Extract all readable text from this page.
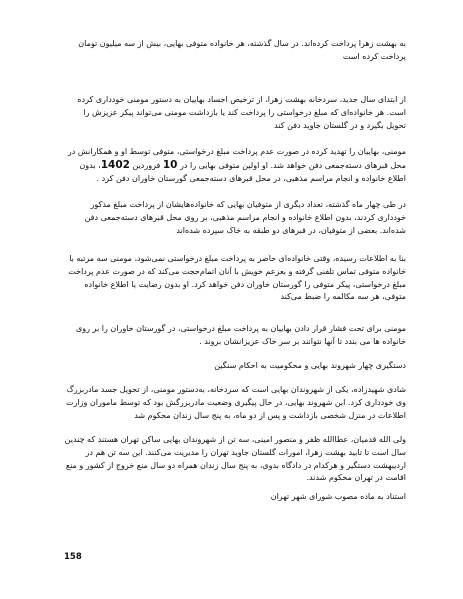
به بهشت زهرا پرداخت کرده‌اند. در سال گذشته، هر خانواده متوفی بهایی، بیش از سه میلیون تومان پرداخت کرده است

از ابتدای سال جدید، سردخانه بهشت زهرا، از ترخیص اجساد بهاییان به دستور مومنی خودداری کرده است. هر خانواده‌ای که مبلغ درخواستی را پرداخت کند یا بازداشت مومنی می‌تواند پیکر عزیزش را تحویل بگیرد و در گلستان جاوید دفن کند

مومنی، بهاییان را تهدید کرده در صورت عدم پرداخت مبلغ درخواستی، متوفی توسط او و همکارانش در محل قبرهای دسته‌جمعی دفن خواهد شد. او اولین متوفی بهایی را در 10 فروردین 1402، بدون اطلاع خانواده و انجام مراسم مذهبی، در محل قبرهای دسته‌جمعی گورستان خاوران دفن کرد .

در طی چهار ماه گذشته، تعداد دیگری از متوفیان بهایی که خانواده‌هایشان از پرداخت مبلغ مذکور خودداری کردند، بدون اطلاع خانواده و انجام مراسم مذهبی، بر روی محل قبرهای دسته‌جمعی دفن شده‌اند. بعضی از متوفیان، در قبرهای دو طبقه به خاک سپرده شده‌اند

بنا به اطلاعات رسیده، وقتی خانواده‌ای حاضر به پرداخت مبلغ درخواستی نمی‌شود، مومنی سه مرتبه با خانواده متوفی تماس تلفنی گرفته و بعز‌عم خویش با آنان اتمام‌حجت می‌کند که در صورت عدم پرداخت مبلغ درخواستی، پیکر متوفی را گورستان خاوران دفن خواهد کرد. او بدون رضایت یا اطلاع خانواده متوفی، هر سه مکالمه را ضبط می‌کند

مومنی برای تحت فشار قرار دادن بهاییان به پرداخت مبلغ درخواستی، در گورستان خاوران را بر روی خانواده ها می بندد تا آنها نتوانند بر سر خاک عزیزانشان بروند .

دستگیری چهار شهروند بهایی و محکومیت به احکام سنگین

شادی شهیدزاده، یکی از شهروندان بهایی است که سردخانه، به‌دستور مومنی، از تحویل جسد مادربزرگ وی خودداری کرد. این شهروند بهایی، در حال پیگیری وضعیت مادربزرگش بود که توسط ماموران وزارت اطلاعات در منزل شخصی بازداشت و پس از دو ماه، به پنج سال زندان محکوم شد

ولی الله قدمیان، عطاالله ظفر و منصور امینی، سه تن از شهروندان بهایی ساکن تهران هستند که چندین سال است تا تابید بهشت زهرا، امورات گلستان جاوید تهران را مدیریت می‌کنند. این سه تن هم در اردیبهشت دستگیر و هرکدام در دادگاه بدوی، به پنج سال زندان همراه دو سال منع خروج از کشور و منع اقامت در تهران محکوم شدند.

استناد به ماده مصوب شورای شهر تهران

158
